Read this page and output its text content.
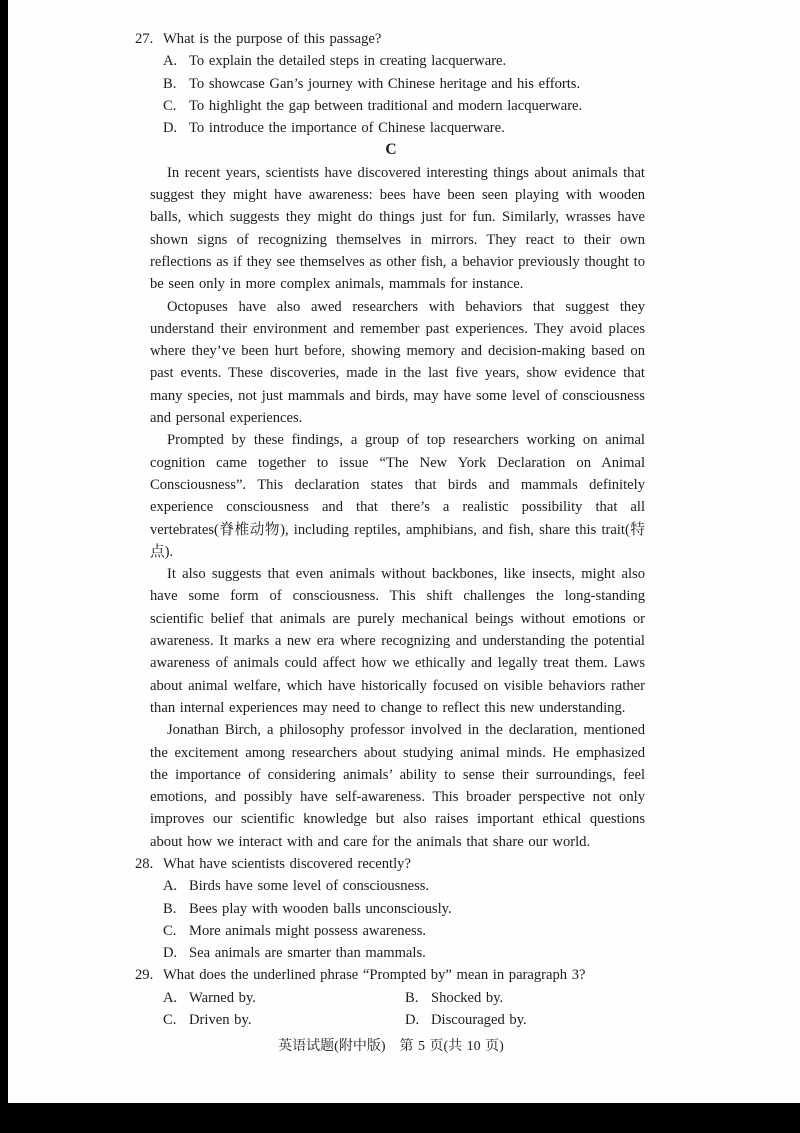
27. What is the purpose of this passage?
A. To explain the detailed steps in creating lacquerware.
B. To showcase Gan’s journey with Chinese heritage and his efforts.
C. To highlight the gap between traditional and modern lacquerware.
D. To introduce the importance of Chinese lacquerware.
C

In recent years, scientists have discovered interesting things about animals that suggest they might have awareness: bees have been seen playing with wooden balls, which suggests they might do things just for fun. Similarly, wrasses have shown signs of recognizing themselves in mirrors. They react to their own reflections as if they see themselves as other fish, a behavior previously thought to be seen only in more complex animals, mammals for instance.

Octopuses have also awed researchers with behaviors that suggest they understand their environment and remember past experiences. They avoid places where they’ve been hurt before, showing memory and decision-making based on past events. These discoveries, made in the last five years, show evidence that many species, not just mammals and birds, may have some level of consciousness and personal experiences.

Prompted by these findings, a group of top researchers working on animal cognition came together to issue “The New York Declaration on Animal Consciousness”. This declaration states that birds and mammals definitely experience consciousness and that there’s a realistic possibility that all vertebrates(脊椎动物), including reptiles, amphibians, and fish, share this trait(特点).

It also suggests that even animals without backbones, like insects, might also have some form of consciousness. This shift challenges the long-standing scientific belief that animals are purely mechanical beings without emotions or awareness. It marks a new era where recognizing and understanding the potential awareness of animals could affect how we ethically and legally treat them. Laws about animal welfare, which have historically focused on visible behaviors rather than internal experiences may need to change to reflect this new understanding.

Jonathan Birch, a philosophy professor involved in the declaration, mentioned the excitement among researchers about studying animal minds. He emphasized the importance of considering animals’ ability to sense their surroundings, feel emotions, and possibly have self-awareness. This broader perspective not only improves our scientific knowledge but also raises important ethical questions about how we interact with and care for the animals that share our world.

28. What have scientists discovered recently?
A. Birds have some level of consciousness.
B. Bees play with wooden balls unconsciously.
C. More animals might possess awareness.
D. Sea animals are smarter than mammals.
29. What does the underlined phrase “Prompted by” mean in paragraph 3?
A. Warned by.	B. Shocked by.
C. Driven by.	D. Discouraged by.
英语试题(附中版)　第 5 页(共 10 页)
